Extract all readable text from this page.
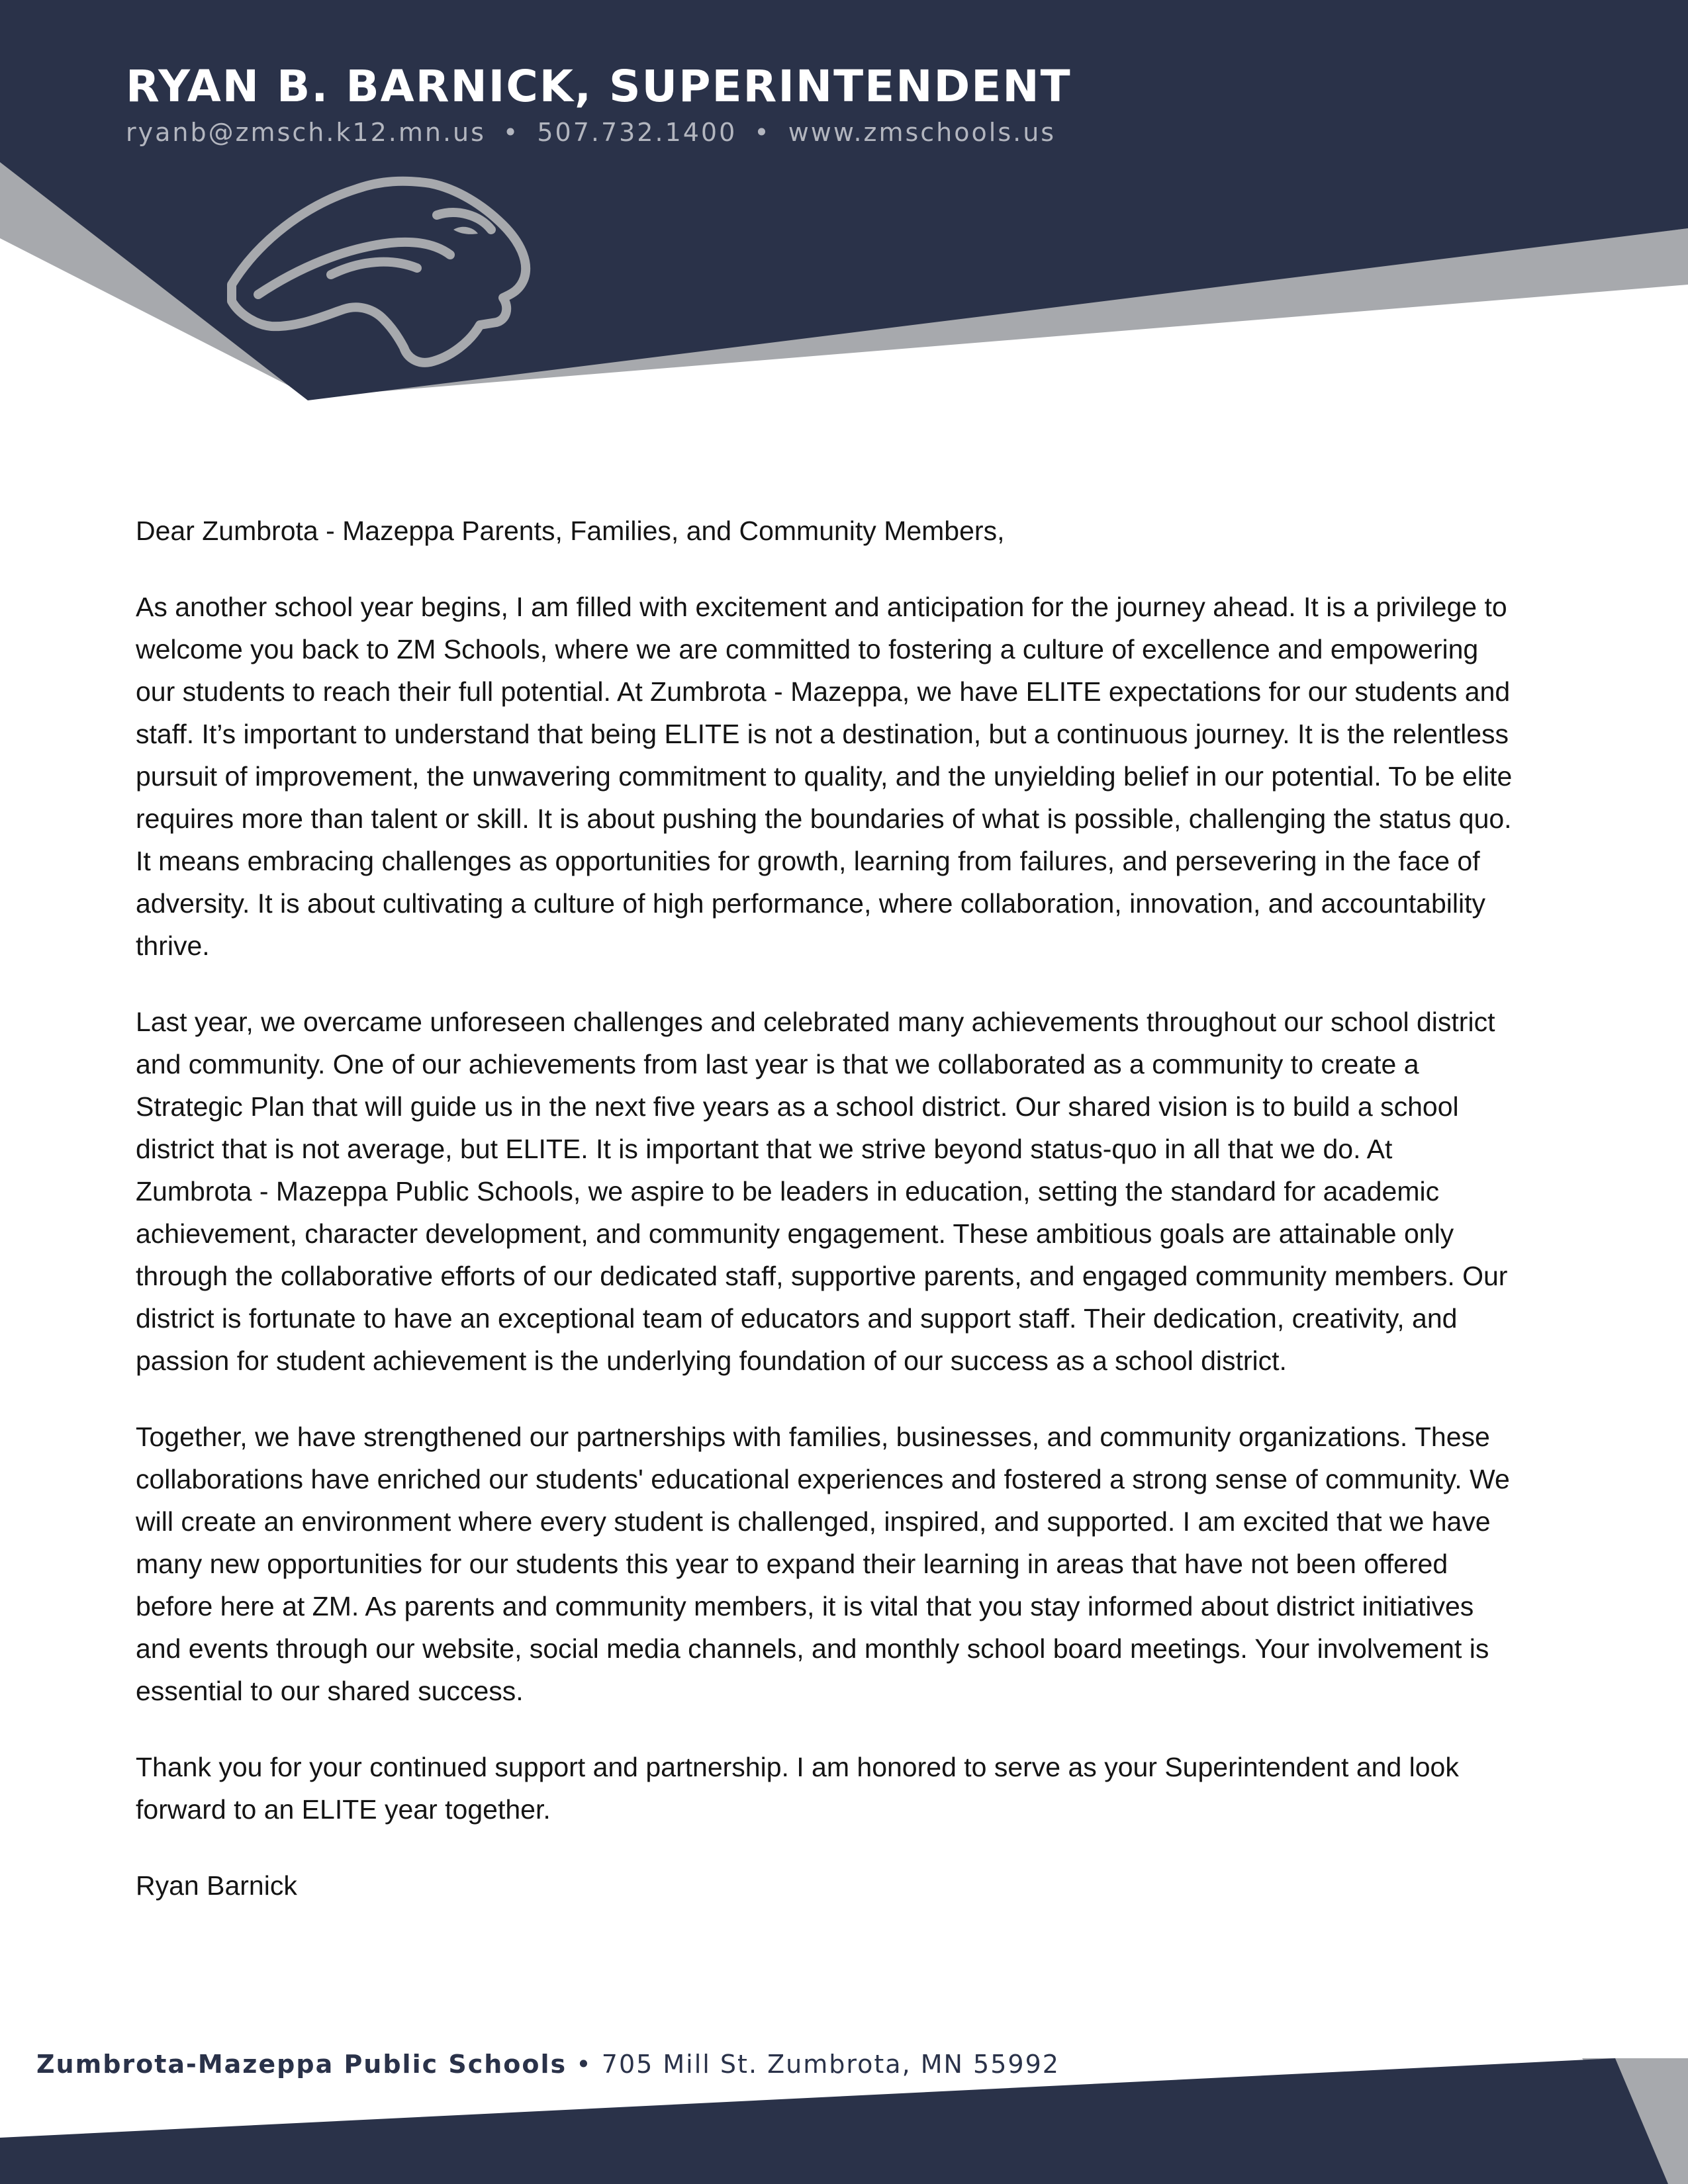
RYAN B. BARNICK, SUPERINTENDENT
ryanb@zmsch.k12.mn.us • 507.732.1400 • www.zmschools.us

Dear Zumbrota - Mazeppa Parents, Families, and Community Members,

As another school year begins, I am filled with excitement and anticipation for the journey ahead. It is a privilege to welcome you back to ZM Schools, where we are committed to fostering a culture of excellence and empowering our students to reach their full potential. At Zumbrota - Mazeppa, we have ELITE expectations for our students and staff. It’s important to understand that being ELITE is not a destination, but a continuous journey. It is the relentless pursuit of improvement, the unwavering commitment to quality, and the unyielding belief in our potential. To be elite requires more than talent or skill. It is about pushing the boundaries of what is possible, challenging the status quo. It means embracing challenges as opportunities for growth, learning from failures, and persevering in the face of adversity. It is about cultivating a culture of high performance, where collaboration, innovation, and accountability thrive.

Last year, we overcame unforeseen challenges and celebrated many achievements throughout our school district and community. One of our achievements from last year is that we collaborated as a community to create a Strategic Plan that will guide us in the next five years as a school district. Our shared vision is to build a school district that is not average, but ELITE. It is important that we strive beyond status-quo in all that we do. At Zumbrota - Mazeppa Public Schools, we aspire to be leaders in education, setting the standard for academic achievement, character development, and community engagement. These ambitious goals are attainable only through the collaborative efforts of our dedicated staff, supportive parents, and engaged community members. Our district is fortunate to have an exceptional team of educators and support staff. Their dedication, creativity, and passion for student achievement is the underlying foundation of our success as a school district.

Together, we have strengthened our partnerships with families, businesses, and community organizations. These collaborations have enriched our students' educational experiences and fostered a strong sense of community. We will create an environment where every student is challenged, inspired, and supported. I am excited that we have many new opportunities for our students this year to expand their learning in areas that have not been offered before here at ZM. As parents and community members, it is vital that you stay informed about district initiatives and events through our website, social media channels, and monthly school board meetings. Your involvement is essential to our shared success.

Thank you for your continued support and partnership. I am honored to serve as your Superintendent and look forward to an ELITE year together.

Ryan Barnick

Zumbrota-Mazeppa Public Schools • 705 Mill St. Zumbrota, MN 55992
